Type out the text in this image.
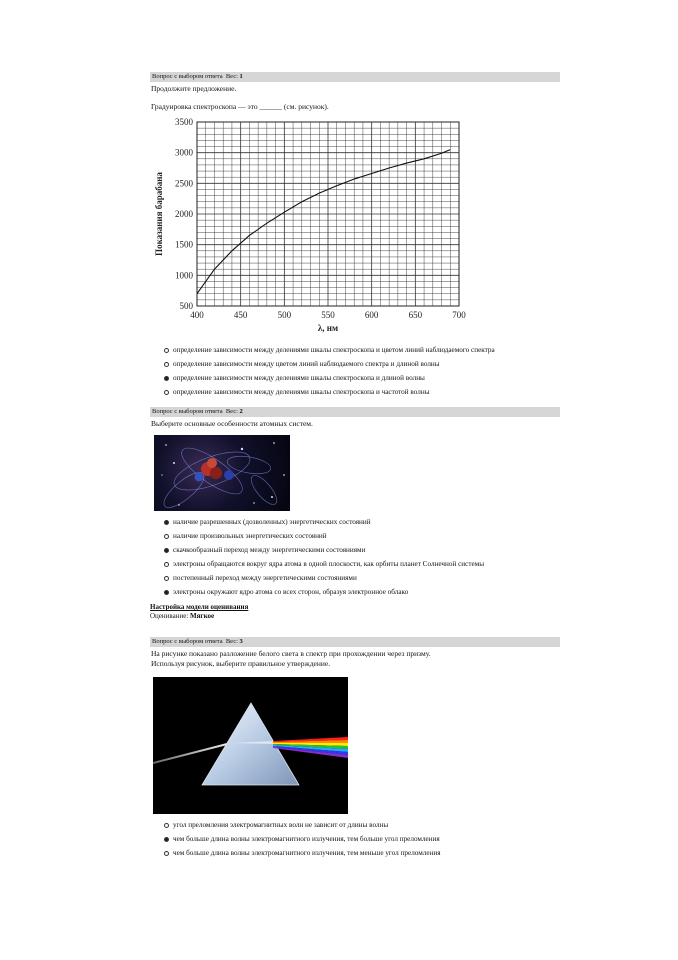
Вопрос с выбором ответа Вес: 1
Продолжите предложение.
Градуировка спектроскопа — это ______ (см. рисунок).
400	450	500	550	600	650	700
500
1000
1500
2000
2500
3000
3500
λ, нм
Показания барабана
определение зависимости между делениями шкалы спектроскопа и цветом линий наблюдаемого спектра
определение зависимости между цветом линий наблюдаемого спектра и длиной волны
определение зависимости между делениями шкалы спектроскопа и длиной волны
определение зависимости между делениями шкалы спектроскопа и частотой волны
Вопрос с выбором ответа Вес: 2
Выберите основные особенности атомных систем.
наличие разрешенных (дозволенных) энергетических состояний
наличие произвольных энергетических состояний
скачкообразный переход между энергетическими состояниями
электроны обращаются вокруг ядра атома в одной плоскости, как орбиты планет Солнечной системы
постепенный переход между энергетическими состояниями
электроны окружают ядро атома со всех сторон, образуя электронное облако
Настройка модели оценивания
Оценивание: Мягкое
Вопрос с выбором ответа Вес: 3
На рисунке показано разложение белого света в спектр при прохождении через призму.
Используя рисунок, выберите правильное утверждение.
угол преломления электромагнитных волн не зависит от длины волны
чем больше длина волны электромагнитного излучения, тем больше угол преломления
чем больше длина волны электромагнитного излучения, тем меньше угол преломления
